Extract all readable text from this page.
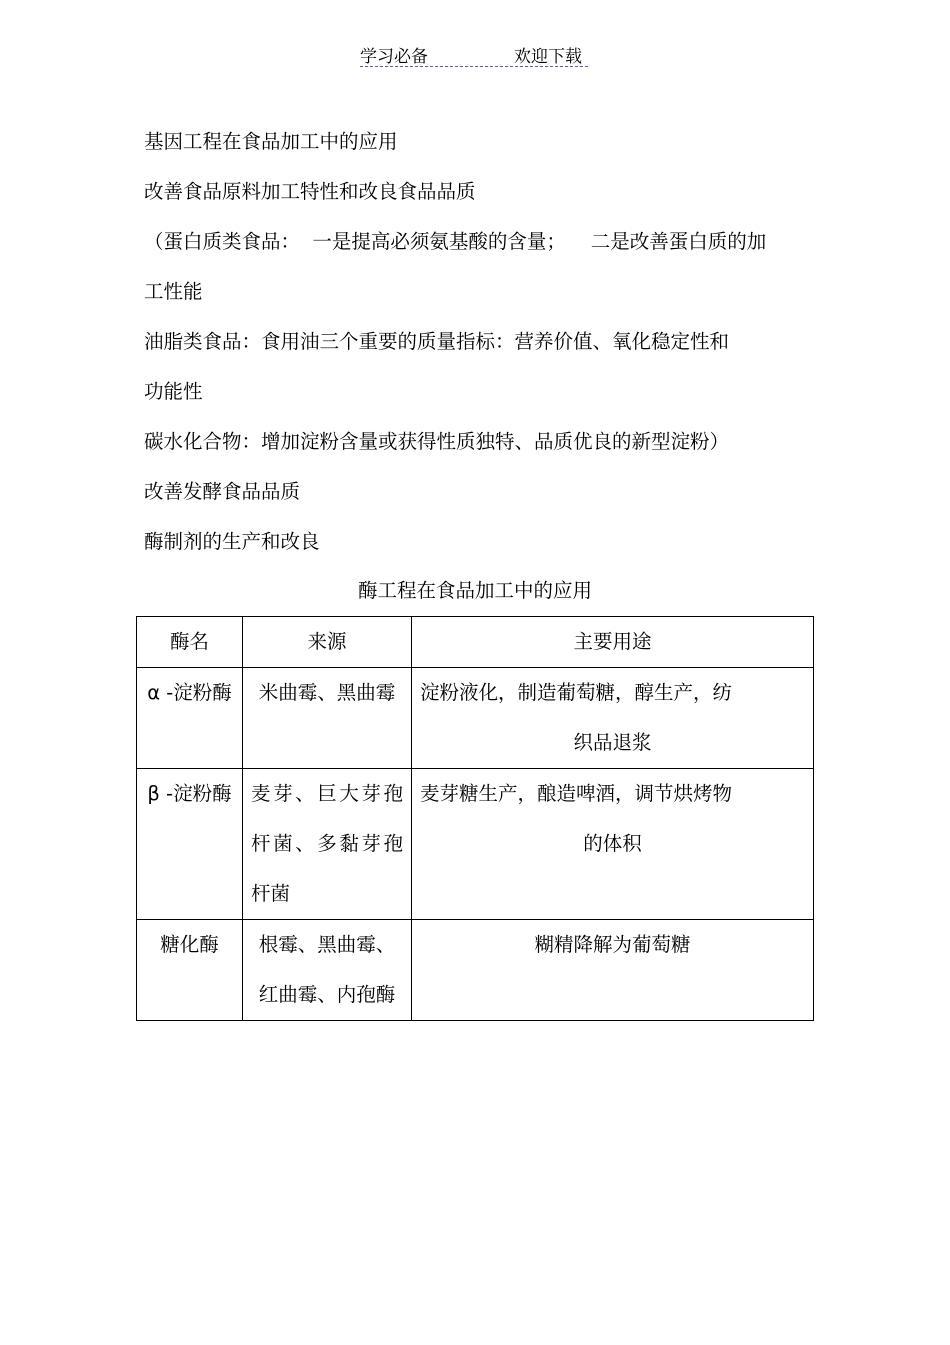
学习必备	欢迎下载
基因工程在食品加工中的应用
改善食品原料加工特性和改良食品品质
（蛋白质类食品：  一是提高必须氨基酸的含量；    二是改善蛋白质的加
工性能
油脂类食品：食用油三个重要的质量指标：营养价值、氧化稳定性和
功能性
碳水化合物：增加淀粉含量或获得性质独特、品质优良的新型淀粉）
改善发酵食品品质
酶制剂的生产和改良
酶工程在食品加工中的应用
酶名	来源	主要用途
α -淀粉酶	米曲霉、黑曲霉	淀粉液化，制造葡萄糖，醇生产，纺
织品退浆

β -淀粉酶	麦芽、巨大芽孢杆菌、多黏芽孢杆菌	麦芽糖生产，酿造啤酒，调节烘烤物
的体积

糖化酶	根霉、黑曲霉、红曲霉、内孢酶	糊精降解为葡萄糖
